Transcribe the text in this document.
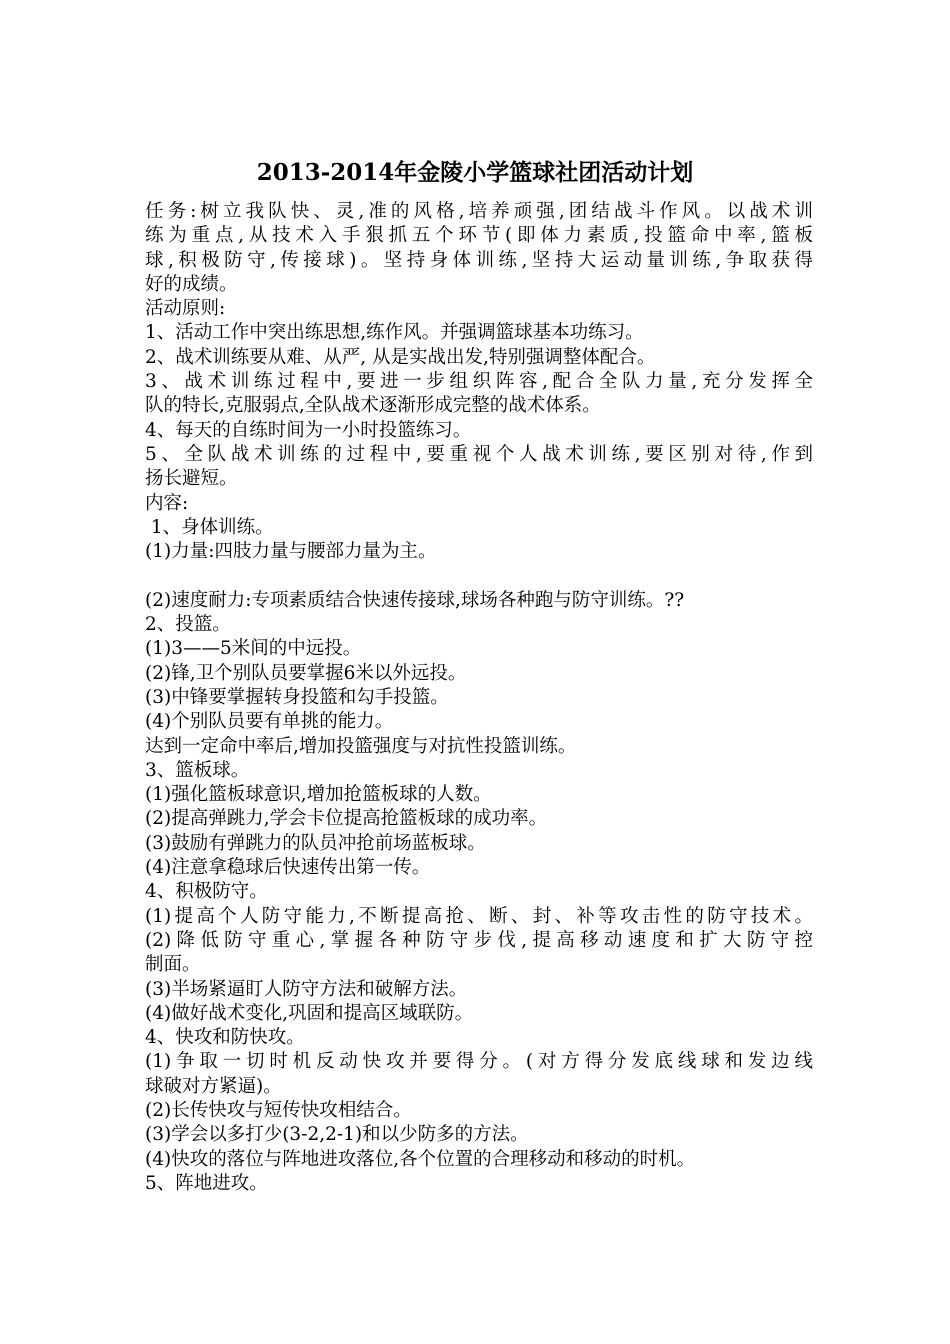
2013-2014年金陵小学篮球社团活动计划
任务:树立我队快、灵,准的风格,培养顽强,团结战斗作风。以战术训
练为重点,从技术入手狠抓五个环节(即体力素质,投篮命中率,篮板
球,积极防守,传接球)。坚持身体训练,坚持大运动量训练,争取获得
好的成绩。
活动原则:
1、活动工作中突出练思想,练作风。并强调篮球基本功练习。
2、战术训练要从难、从严, 从是实战出发,特别强调整体配合。
3、战术训练过程中,要进一步组织阵容,配合全队力量,充分发挥全
队的特长,克服弱点,全队战术逐渐形成完整的战术体系。
4、每天的自练时间为一小时投篮练习。
5、全队战术训练的过程中,要重视个人战术训练,要区别对待,作到
扬长避短。
内容:
1、身体训练。
(1)力量:四肢力量与腰部力量为主。
(2)速度耐力:专项素质结合快速传接球,球场各种跑与防守训练。??
2、投篮。
(1)3——5米间的中远投。
(2)锋,卫个别队员要掌握6米以外远投。
(3)中锋要掌握转身投篮和勾手投篮。
(4)个别队员要有单挑的能力。
达到一定命中率后,增加投篮强度与对抗性投篮训练。
3、篮板球。
(1)强化篮板球意识,增加抢篮板球的人数。
(2)提高弹跳力,学会卡位提高抢篮板球的成功率。
(3)鼓励有弹跳力的队员冲抢前场蓝板球。
(4)注意拿稳球后快速传出第一传。
4、积极防守。
(1)提高个人防守能力,不断提高抢、断、封、补等攻击性的防守技术。
(2)降低防守重心,掌握各种防守步伐,提高移动速度和扩大防守控
制面。
(3)半场紧逼盯人防守方法和破解方法。
(4)做好战术变化,巩固和提高区域联防。
4、快攻和防快攻。
(1)争取一切时机反动快攻并要得分。(对方得分发底线球和发边线
球破对方紧逼)。
(2)长传快攻与短传快攻相结合。
(3)学会以多打少(3-2,2-1)和以少防多的方法。
(4)快攻的落位与阵地进攻落位,各个位置的合理移动和移动的时机。
5、阵地进攻。
